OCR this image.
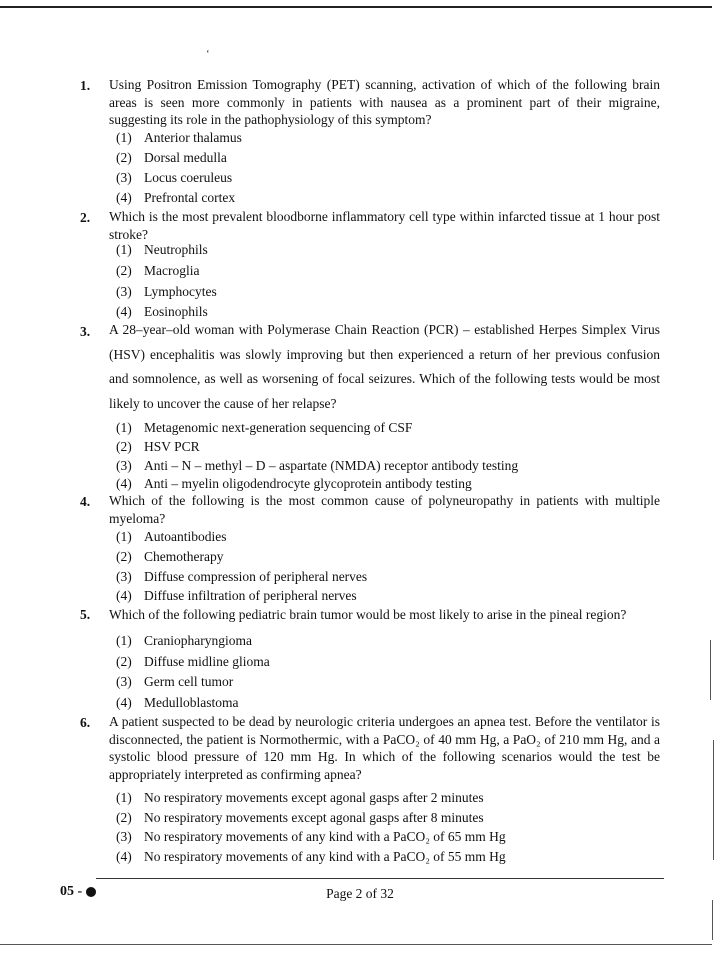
ʻ
1. Using Positron Emission Tomography (PET) scanning, activation of which of the following brain areas is seen more commonly in patients with nausea as a prominent part of their migraine, suggesting its role in the pathophysiology of this symptom?
(1) Anterior thalamus
(2) Dorsal medulla
(3) Locus coeruleus
(4) Prefrontal cortex
2. Which is the most prevalent bloodborne inflammatory cell type within infarcted tissue at 1 hour post stroke?
(1) Neutrophils
(2) Macroglia
(3) Lymphocytes
(4) Eosinophils
3. A 28–year–old woman with Polymerase Chain Reaction (PCR) – established Herpes Simplex Virus (HSV) encephalitis was slowly improving but then experienced a return of her previous confusion and somnolence, as well as worsening of focal seizures. Which of the following tests would be most likely to uncover the cause of her relapse?
(1) Metagenomic next-generation sequencing of CSF
(2) HSV PCR
(3) Anti – N – methyl – D – aspartate (NMDA) receptor antibody testing
(4) Anti – myelin oligodendrocyte glycoprotein antibody testing
4. Which of the following is the most common cause of polyneuropathy in patients with multiple myeloma?
(1) Autoantibodies
(2) Chemotherapy
(3) Diffuse compression of peripheral nerves
(4) Diffuse infiltration of peripheral nerves
5. Which of the following pediatric brain tumor would be most likely to arise in the pineal region?
(1) Craniopharyngioma
(2) Diffuse midline glioma
(3) Germ cell tumor
(4) Medulloblastoma
6. A patient suspected to be dead by neurologic criteria undergoes an apnea test. Before the ventilator is disconnected, the patient is Normothermic, with a PaCO₂ of 40 mm Hg, a PaO₂ of 210 mm Hg, and a systolic blood pressure of 120 mm Hg. In which of the following scenarios would the test be appropriately interpreted as confirming apnea?
(1) No respiratory movements except agonal gasps after 2 minutes
(2) No respiratory movements except agonal gasps after 8 minutes
(3) No respiratory movements of any kind with a PaCO₂ of 65 mm Hg
(4) No respiratory movements of any kind with a PaCO₂ of 55 mm Hg
05 -	Page 2 of 32
